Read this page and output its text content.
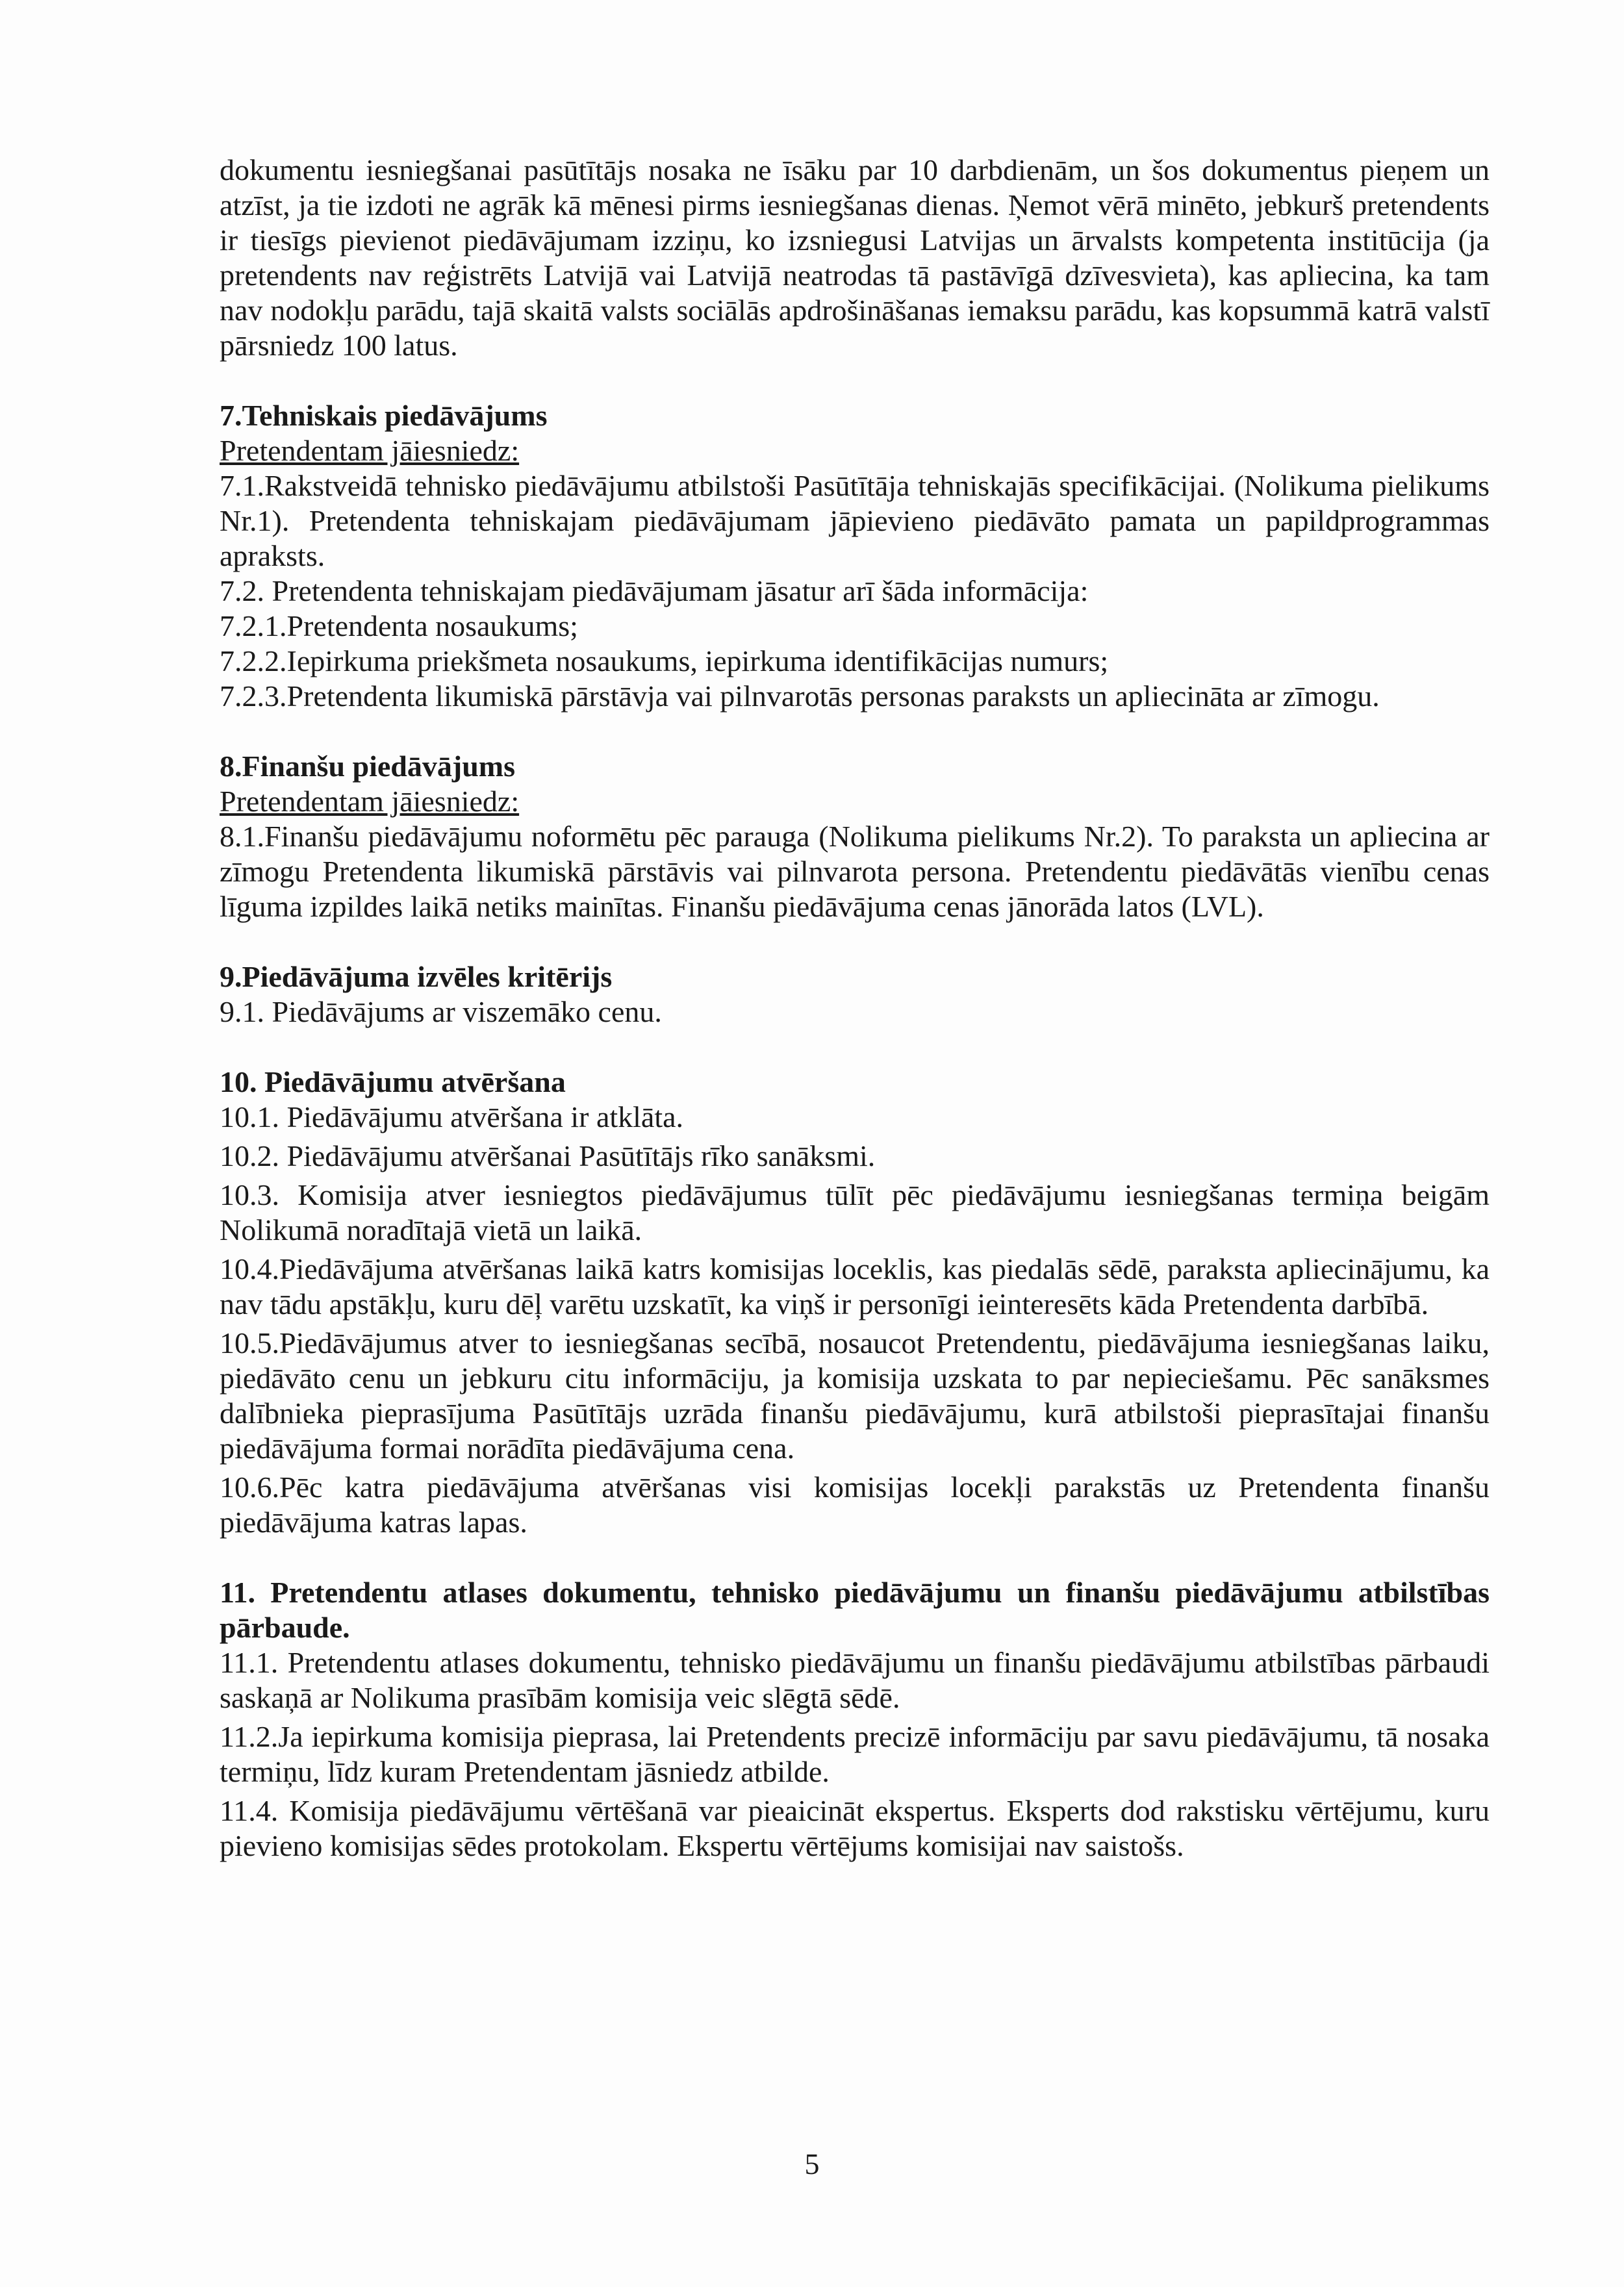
dokumentu iesniegšanai pasūtītājs nosaka ne īsāku par 10 darbdienām, un šos dokumentus pieņem un atzīst, ja tie izdoti ne agrāk kā mēnesi pirms iesniegšanas dienas. Ņemot vērā minēto, jebkurš pretendents ir tiesīgs pievienot piedāvājumam izziņu, ko izsniegusi Latvijas un ārvalsts kompetenta institūcija (ja pretendents nav reģistrēts Latvijā vai Latvijā neatrodas tā pastāvīgā dzīvesvieta), kas apliecina, ka tam nav nodokļu parādu, tajā skaitā valsts sociālās apdrošināšanas iemaksu parādu, kas kopsummā katrā valstī pārsniedz 100 latus.

7.Tehniskais piedāvājums

Pretendentam jāiesniedz:

7.1.Rakstveidā tehnisko piedāvājumu atbilstoši Pasūtītāja tehniskajās specifikācijai. (Nolikuma pielikums Nr.1). Pretendenta tehniskajam piedāvājumam jāpievieno piedāvāto pamata un papildprogrammas apraksts.

7.2. Pretendenta tehniskajam piedāvājumam jāsatur arī šāda informācija:

7.2.1.Pretendenta nosaukums;

7.2.2.Iepirkuma priekšmeta nosaukums, iepirkuma identifikācijas numurs;

7.2.3.Pretendenta likumiskā pārstāvja vai pilnvarotās personas paraksts un apliecināta ar zīmogu.

8.Finanšu piedāvājums

Pretendentam jāiesniedz:

8.1.Finanšu piedāvājumu noformētu pēc parauga (Nolikuma pielikums Nr.2). To paraksta un apliecina ar zīmogu Pretendenta likumiskā pārstāvis vai pilnvarota persona. Pretendentu piedāvātās vienību cenas līguma izpildes laikā netiks mainītas. Finanšu piedāvājuma cenas jānorāda latos (LVL).

9.Piedāvājuma izvēles kritērijs

9.1. Piedāvājums ar viszemāko cenu.

10. Piedāvājumu atvēršana

10.1. Piedāvājumu atvēršana ir atklāta.

10.2. Piedāvājumu atvēršanai Pasūtītājs rīko sanāksmi.

10.3. Komisija atver iesniegtos piedāvājumus tūlīt pēc piedāvājumu iesniegšanas termiņa beigām Nolikumā noradītajā vietā un laikā.

10.4.Piedāvājuma atvēršanas laikā katrs komisijas loceklis, kas piedalās sēdē, paraksta apliecinājumu, ka nav tādu apstākļu, kuru dēļ varētu uzskatīt, ka viņš ir personīgi ieinteresēts kāda Pretendenta darbībā.

10.5.Piedāvājumus atver to iesniegšanas secībā, nosaucot Pretendentu, piedāvājuma iesniegšanas laiku, piedāvāto cenu un jebkuru citu informāciju, ja komisija uzskata to par nepieciešamu. Pēc sanāksmes dalībnieka pieprasījuma Pasūtītājs uzrāda finanšu piedāvājumu, kurā atbilstoši pieprasītajai finanšu piedāvājuma formai norādīta piedāvājuma cena.

10.6.Pēc katra piedāvājuma atvēršanas visi komisijas locekļi parakstās uz Pretendenta finanšu piedāvājuma katras lapas.

11. Pretendentu atlases dokumentu, tehnisko piedāvājumu un finanšu piedāvājumu atbilstības pārbaude.

11.1. Pretendentu atlases dokumentu, tehnisko piedāvājumu un finanšu piedāvājumu atbilstības pārbaudi saskaņā ar Nolikuma prasībām komisija veic slēgtā sēdē.

11.2.Ja iepirkuma komisija pieprasa, lai Pretendents precizē informāciju par savu piedāvājumu, tā nosaka termiņu, līdz kuram Pretendentam jāsniedz atbilde.

11.4. Komisija piedāvājumu vērtēšanā var pieaicināt ekspertus. Eksperts dod rakstisku vērtējumu, kuru pievieno komisijas sēdes protokolam. Ekspertu vērtējums komisijai nav saistošs.

5
